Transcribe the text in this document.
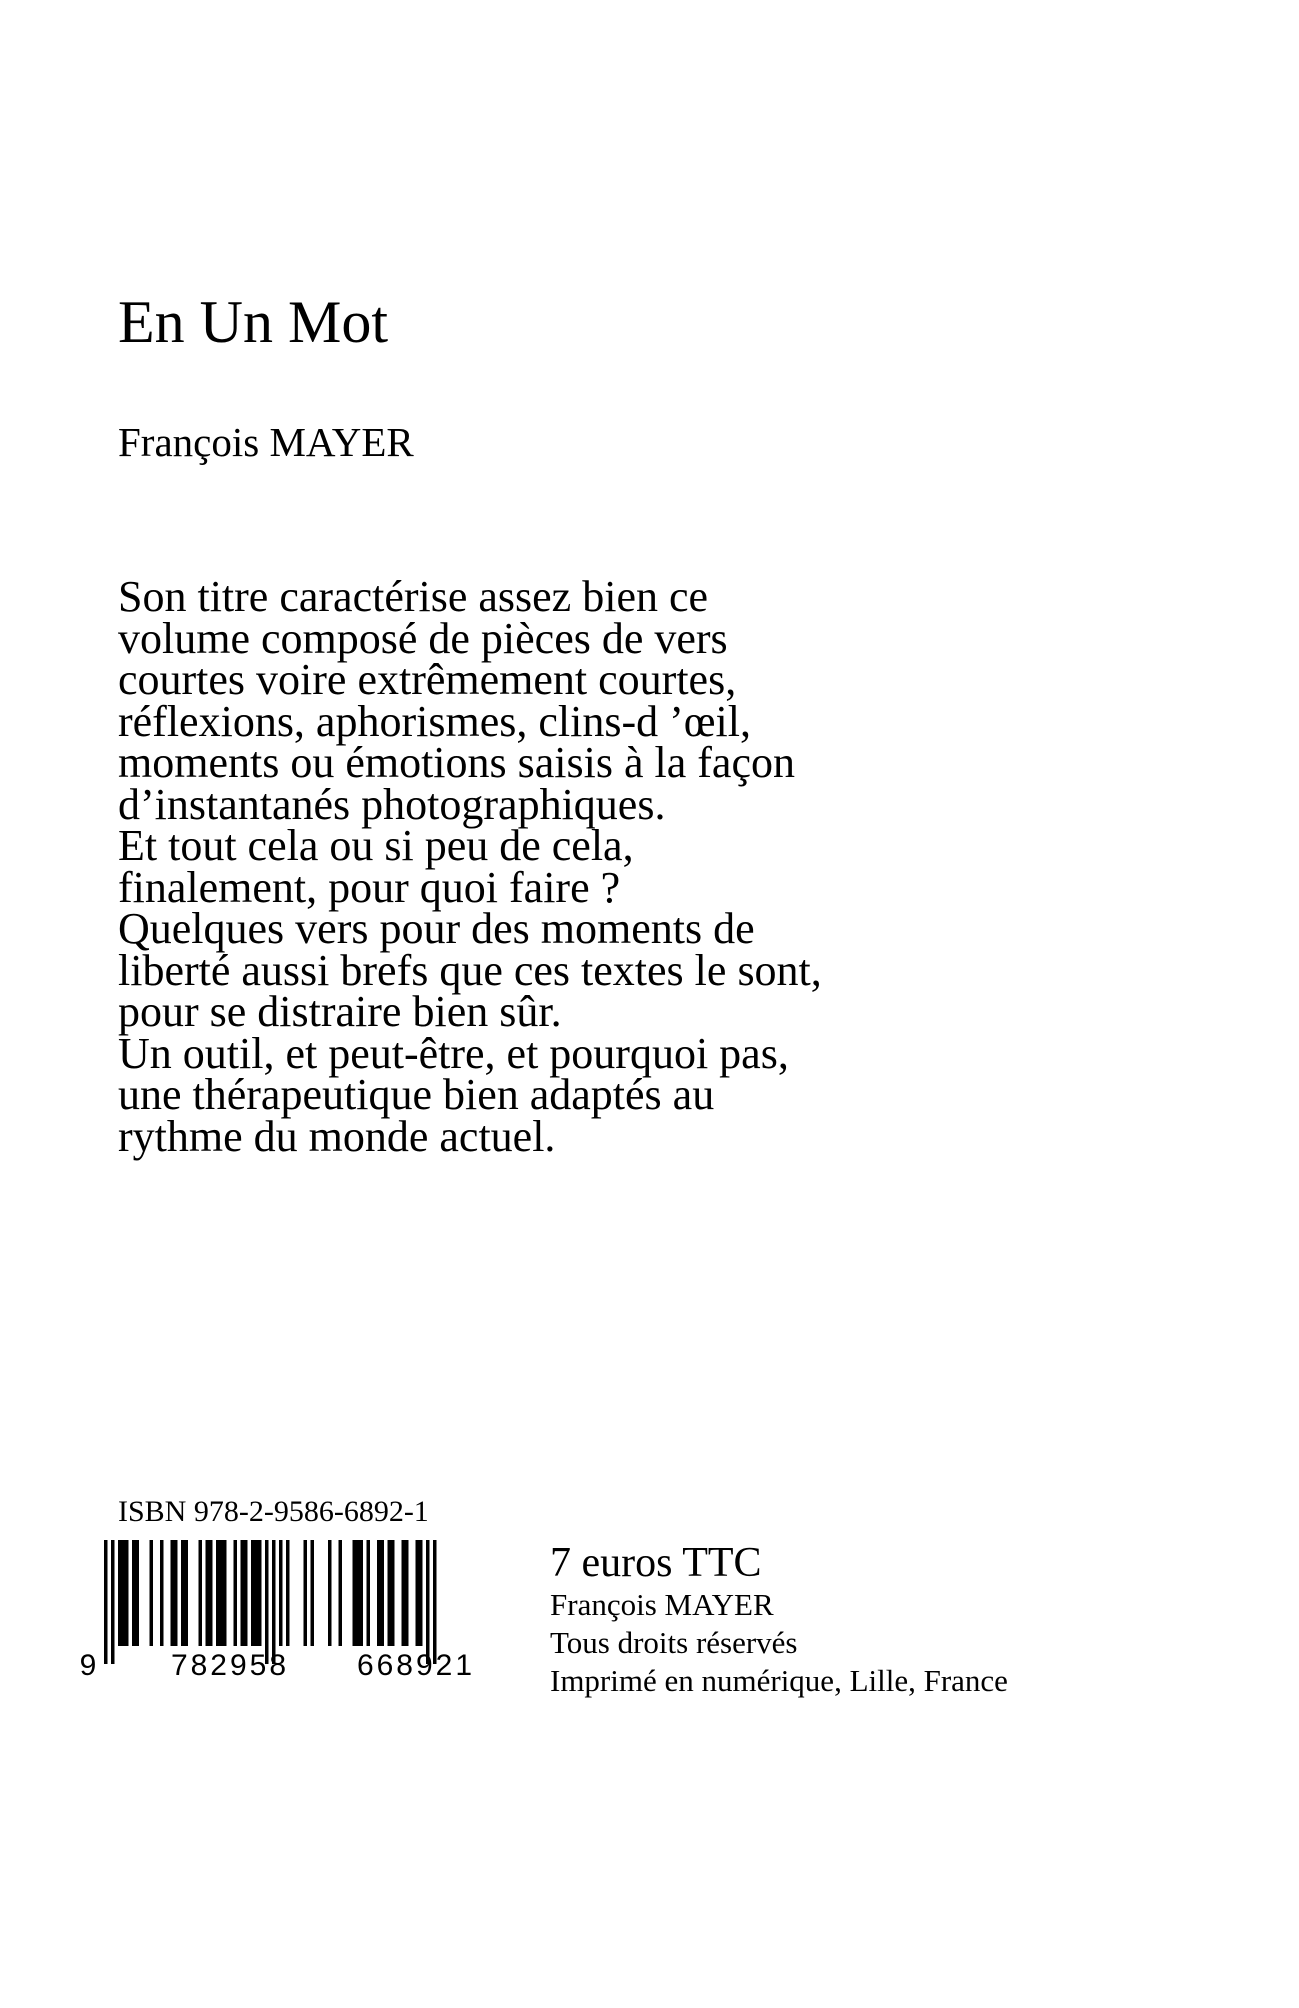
En Un Mot
François MAYER
Son titre caractérise assez bien ce
volume composé de pièces de vers
courtes voire extrêmement courtes,
réflexions, aphorismes, clins-d ’œil,
moments ou émotions saisis à la façon
d’instantanés photographiques.
Et tout cela ou si peu de cela,
finalement, pour quoi faire ?
Quelques vers pour des moments de
liberté aussi brefs que ces textes le sont,
pour se distraire bien sûr.
Un outil, et peut-être, et pourquoi pas,
une thérapeutique bien adaptés au
rythme du monde actuel.
ISBN 978-2-9586-6892-1
9 782958 668921
7 euros TTC
François MAYER
Tous droits réservés
Imprimé en numérique, Lille, France
